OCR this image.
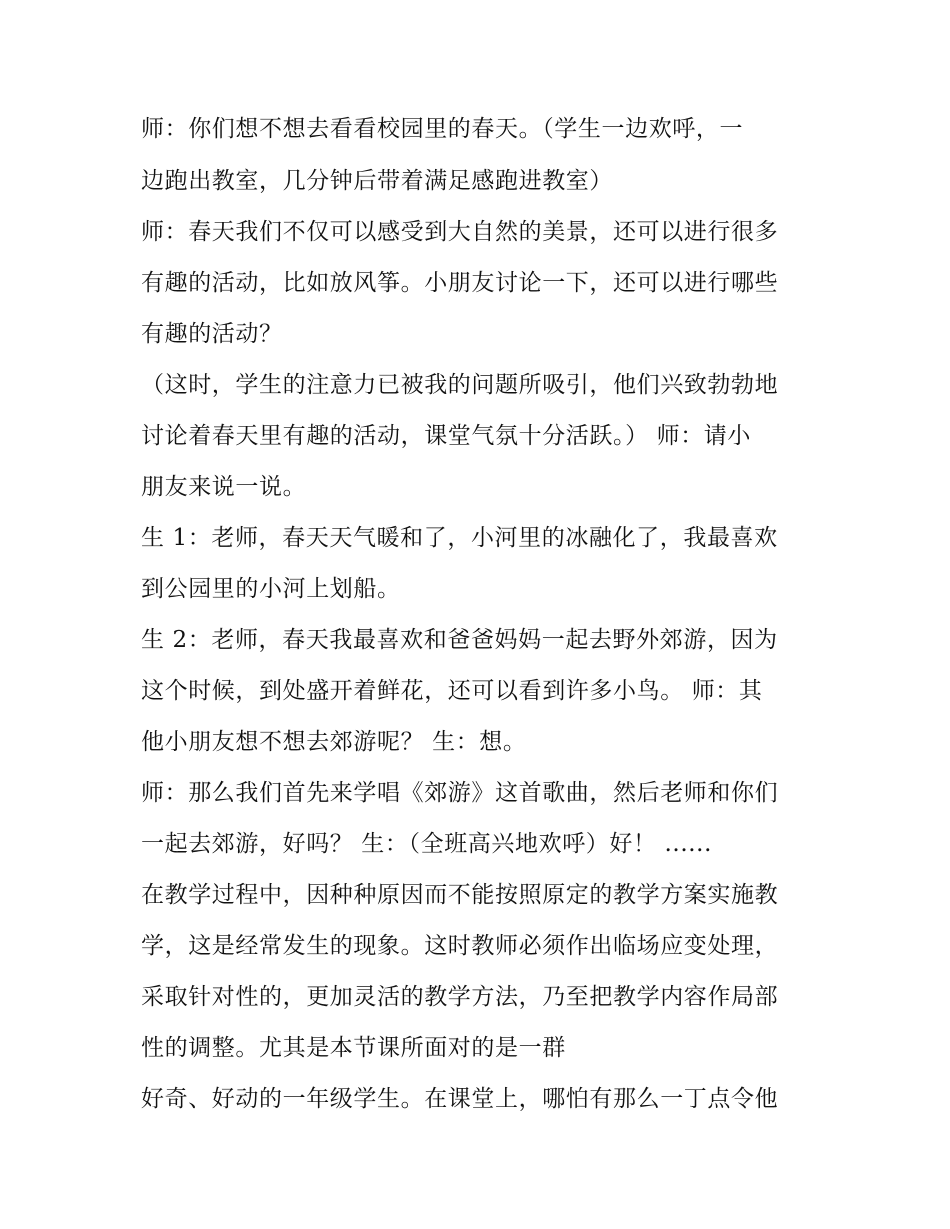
师：你们想不想去看看校园里的春天。（学生一边欢呼，一
边跑出教室，几分钟后带着满足感跑进教室）
师：春天我们不仅可以感受到大自然的美景，还可以进行很多
有趣的活动，比如放风筝。小朋友讨论一下，还可以进行哪些
有趣的活动？
（这时，学生的注意力已被我的问题所吸引，他们兴致勃勃地
讨论着春天里有趣的活动，课堂气氛十分活跃。） 师：请小
朋友来说一说。
生 1：老师，春天天气暖和了，小河里的冰融化了，我最喜欢
到公园里的小河上划船。
生 2：老师，春天我最喜欢和爸爸妈妈一起去野外郊游，因为
这个时候，到处盛开着鲜花，还可以看到许多小鸟。 师：其
他小朋友想不想去郊游呢？ 生：想。
师：那么我们首先来学唱《郊游》这首歌曲，然后老师和你们
一起去郊游，好吗？ 生：（全班高兴地欢呼）好！ ......
在教学过程中，因种种原因而不能按照原定的教学方案实施教
学，这是经常发生的现象。这时教师必须作出临场应变处理，
采取针对性的，更加灵活的教学方法，乃至把教学内容作局部
性的调整。尤其是本节课所面对的是一群
好奇、好动的一年级学生。在课堂上，哪怕有那么一丁点令他
